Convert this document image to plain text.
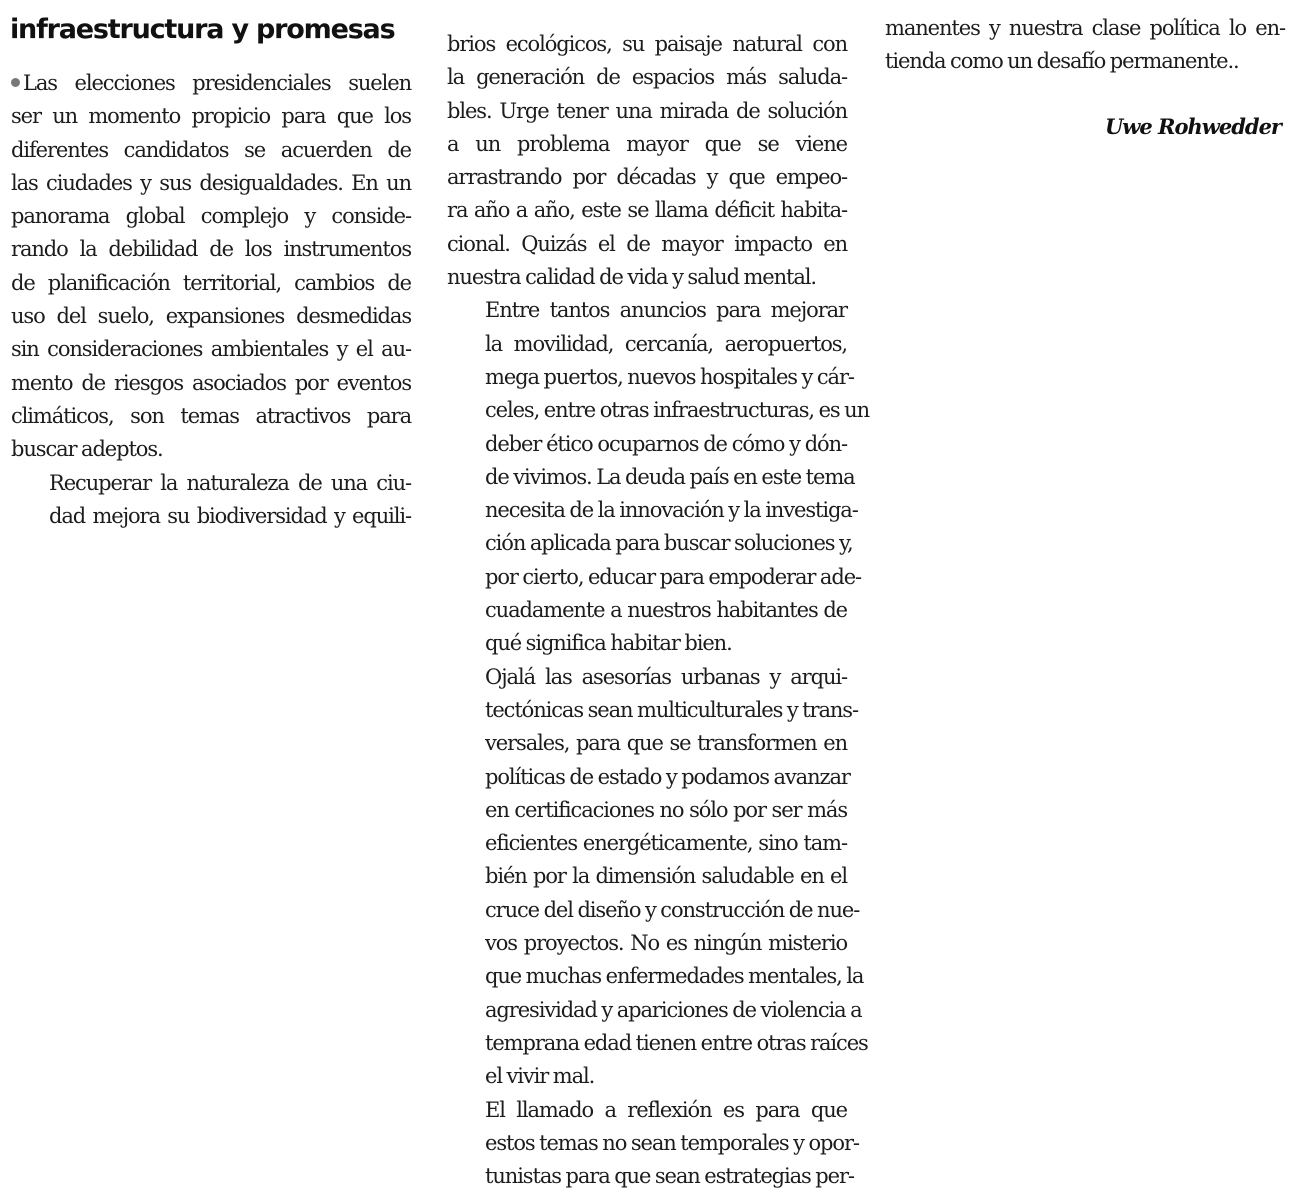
infraestructura y promesas

Las elecciones presidenciales suelen
ser un momento propicio para que los
diferentes candidatos se acuerden de
las ciudades y sus desigualdades. En un
panorama global complejo y conside-
rando la debilidad de los instrumentos
de planificación territorial, cambios de
uso del suelo, expansiones desmedidas
sin consideraciones ambientales y el au-
mento de riesgos asociados por eventos
climáticos, son temas atractivos para
buscar adeptos.

Recuperar la naturaleza de una ciu-
dad mejora su biodiversidad y equili-

brios ecológicos, su paisaje natural con
la generación de espacios más saluda-
bles. Urge tener una mirada de solución
a un problema mayor que se viene
arrastrando por décadas y que empeo-
ra año a año, este se llama déficit habita-
cional. Quizás el de mayor impacto en
nuestra calidad de vida y salud mental.

Entre tantos anuncios para mejorar
la movilidad, cercanía, aeropuertos,
mega puertos, nuevos hospitales y cár-
celes, entre otras infraestructuras, es un
deber ético ocuparnos de cómo y dón-
de vivimos. La deuda país en este tema
necesita de la innovación y la investiga-
ción aplicada para buscar soluciones y,
por cierto, educar para empoderar ade-
cuadamente a nuestros habitantes de
qué significa habitar bien.

Ojalá las asesorías urbanas y arqui-
tectónicas sean multiculturales y trans-
versales, para que se transformen en
políticas de estado y podamos avanzar
en certificaciones no sólo por ser más
eficientes energéticamente, sino tam-
bién por la dimensión saludable en el
cruce del diseño y construcción de nue-
vos proyectos. No es ningún misterio
que muchas enfermedades mentales, la
agresividad y apariciones de violencia a
temprana edad tienen entre otras raíces
el vivir mal.

El llamado a reflexión es para que
estos temas no sean temporales y opor-
tunistas para que sean estrategias per-

manentes y nuestra clase política lo en-
tienda como un desafío permanente..

Uwe Rohwedder
